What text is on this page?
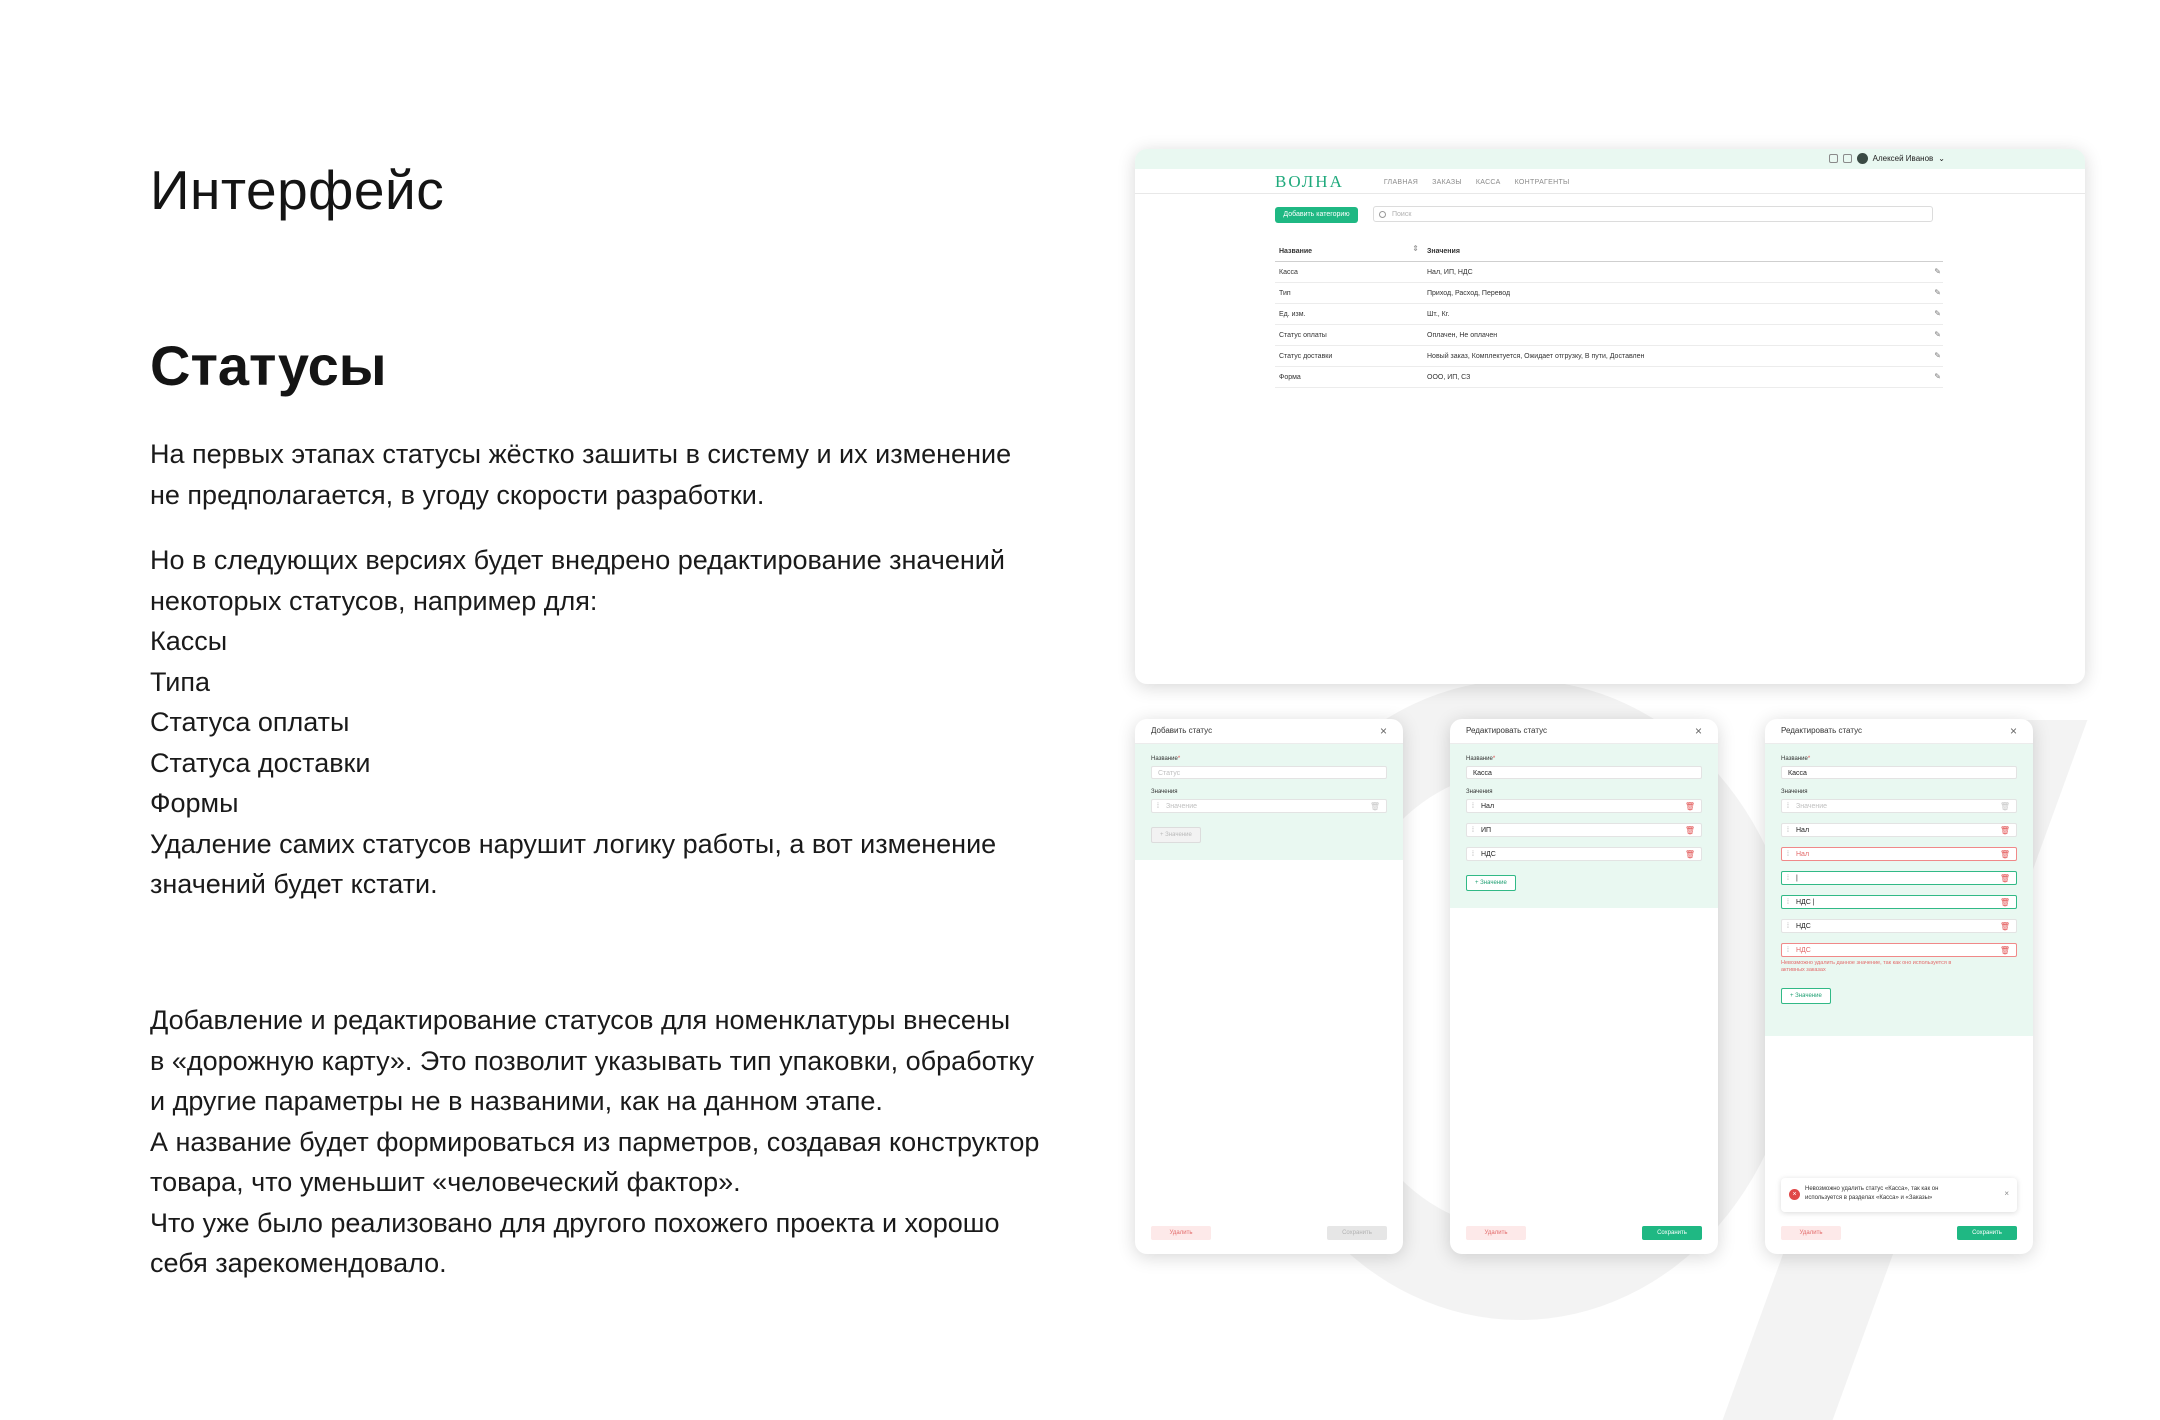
Интерфейс
Статусы
На первых этапах статусы жёстко зашиты в систему и их изменение
не предполагается, в угоду скорости разработки.
Но в следующих версиях будет внедрено редактирование значений
некоторых статусов, например для:
Кассы
Типа
Статуса оплаты
Статуса доставки
Формы
Удаление самих статусов нарушит логику работы, а вот изменение
значений будет кстати.
Добавление и редактирование статусов для номенклатуры внесены
в «дорожную карту». Это позволит указывать тип упаковки, обработку
и другие параметры не в названими, как на данном этапе.
А название будет формироваться из парметров, создавая конструктор
товара, что уменьшит «человеческий фактор».
Что уже было реализовано для другого похожего проекта и хорошо
себя зарекомендовало.
Алексей Иванов ⌄
ВОЛНА	ГЛАВНАЯ ЗАКАЗЫ КАССА КОНТРАГЕНТЫ
Добавить категорию	Поиск
Название	⇕ Значения
Касса	Нал, ИП, НДС	✎
Тип	Приход, Расход, Перевод	✎
Ед. изм.	Шт., Кг.	✎
Статус оплаты	Оплачен, Не оплачен	✎
Статус доставки	Новый заказ, Комплектуется, Ожидает отгрузку, В пути, Доставлен	✎
Форма	ООО, ИП, СЗ	✎
Добавить статус	×
Название*
Статус
Значения
⁞ Значение	🗑
+ Значение
Удалить	Сохранить
Редактировать статус	×
Название*
Касса
Значения
⁞ Нал	🗑
⁞ ИП	🗑
⁞ НДС	🗑
+ Значение
Удалить	Сохранить
Редактировать статус	×
Название*
Касса
Значения
⁞ Значение	🗑
⁞ Нал	🗑
⁞ Нал	🗑
⁞ |	🗑
⁞ НДС |	🗑
⁞ НДС	🗑
⁞ НДС	🗑
Невозможно удалить данное значение, так как оно используется в
активных заказах
+ Значение
×
Невозможно удалить статус «Касса», так как он
используется в разделах «Касса» и «Заказы»	×
Удалить	Сохранить
